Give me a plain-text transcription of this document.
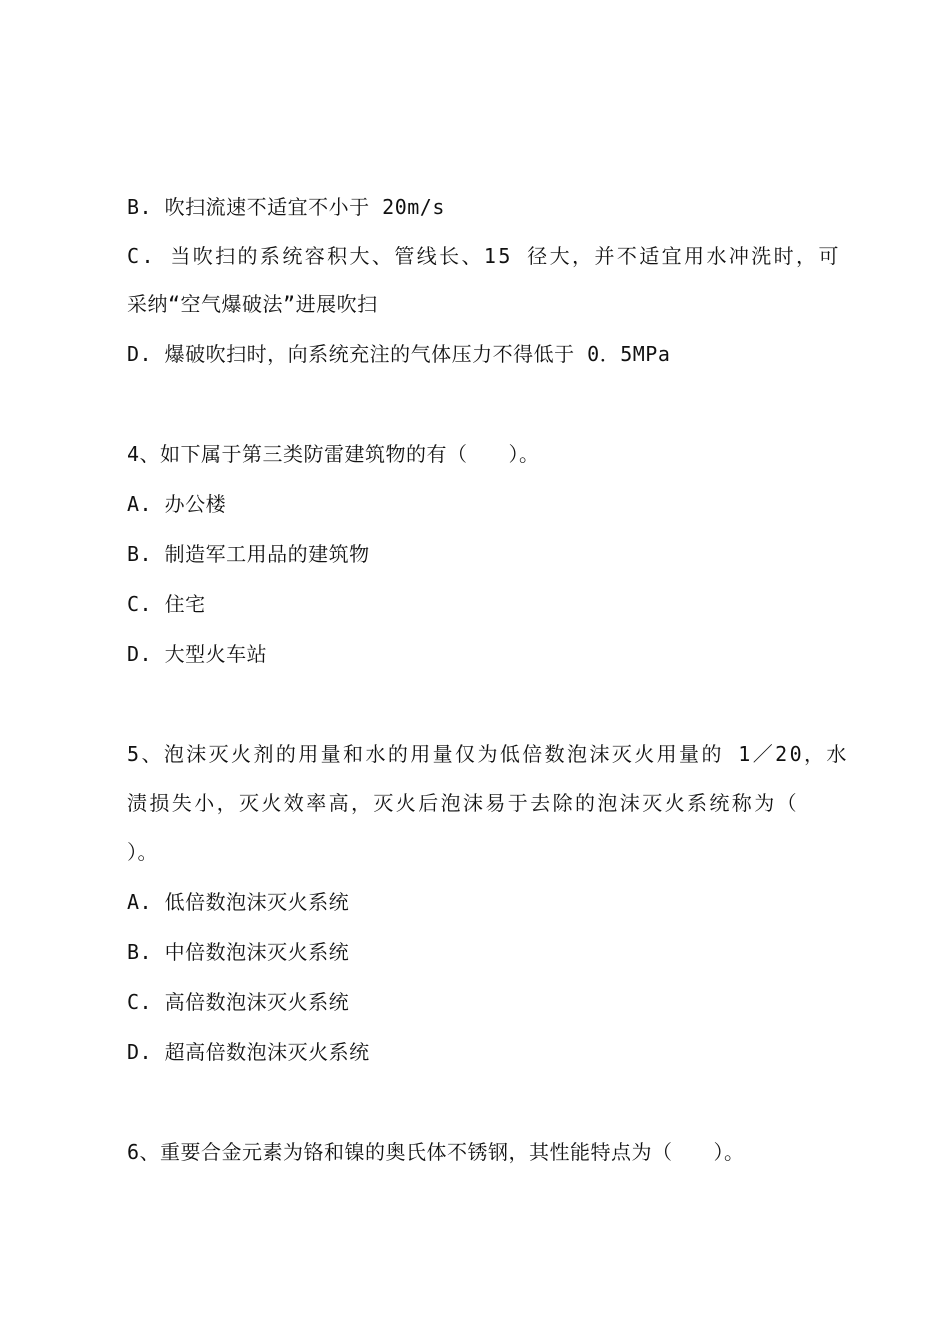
B. 吹扫流速不适宜不小于 20m/s
C. 当吹扫的系统容积大、管线长、15 径大，并不适宜用水冲洗时，可
采纳“空气爆破法”进展吹扫
D. 爆破吹扫时，向系统充注的气体压力不得低于 0．5MPa
4、如下属于第三类防雷建筑物的有（　　）。
A. 办公楼
B. 制造军工用品的建筑物
C. 住宅
D. 大型火车站
5、泡沫灭火剂的用量和水的用量仅为低倍数泡沫灭火用量的 1／20，水
渍损失小，灭火效率高，灭火后泡沫易于去除的泡沫灭火系统称为（
）。
A. 低倍数泡沫灭火系统
B. 中倍数泡沫灭火系统
C. 高倍数泡沫灭火系统
D. 超高倍数泡沫灭火系统
6、重要合金元素为铬和镍的奥氏体不锈钢，其性能特点为（　　）。
